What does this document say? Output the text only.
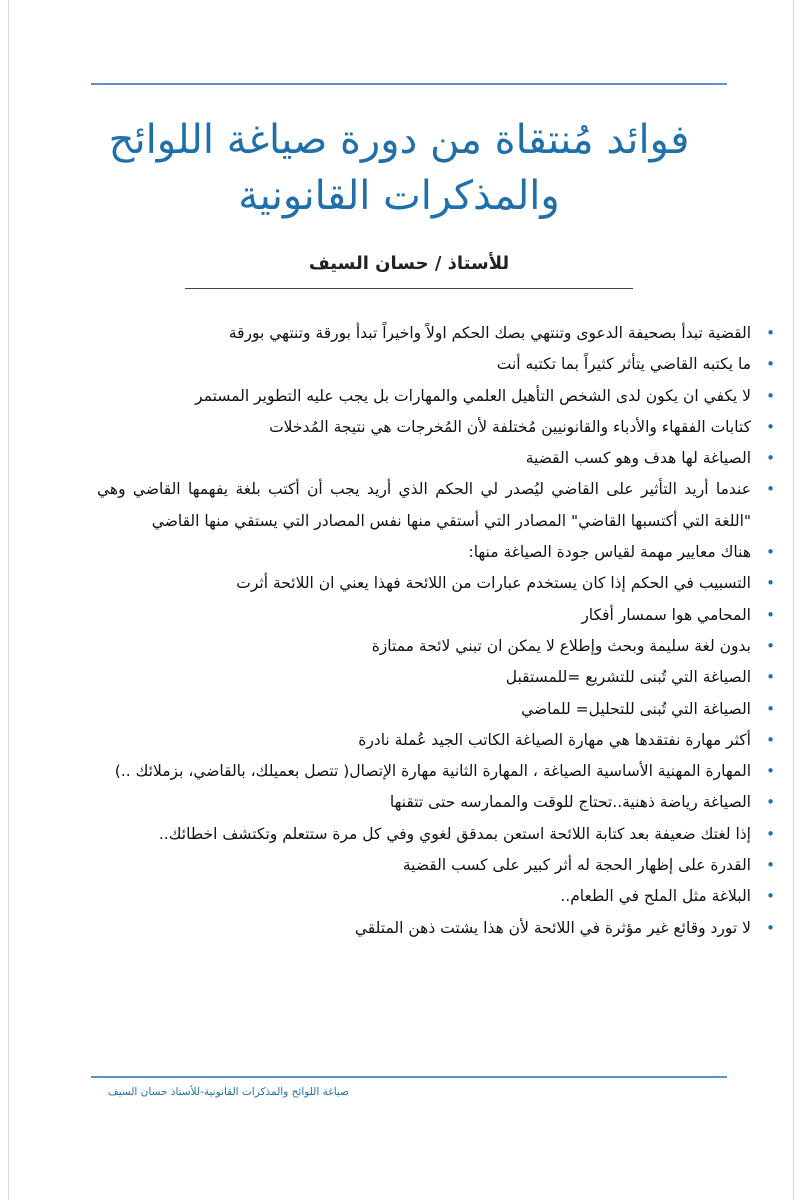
فوائد مُنتقاة من دورة صياغة اللوائح والمذكرات القانونية
للأستاذ / حسان السيف
•
القضية تبدأ بصحيفة الدعوى وتنتهي بصك الحكم اولاً واخيراً تبدأ بورقة وتنتهي بورقة
•
ما يكتبه القاضي يتأثر كثيراً بما تكتبه أنت
•
لا يكفي ان يكون لدى الشخص التأهيل العلمي والمهارات بل يجب عليه التطوير المستمر
•
كتابات الفقهاء والأدباء والقانونيين مُختلفة لأن المُخرجات هي نتيجة المُدخلات
•
الصياغة لها هدف وهو كسب القضية
•
عندما أريد التأثير على القاضي ليُصدر لي الحكم الذي أريد يجب أن أكتب بلغة يفهمها القاضي وهي "اللغة التي أكتسبها القاضي" المصادر التي أستقي منها نفس المصادر التي يستقي منها القاضي
•
هناك معايير مهمة لقياس جودة الصياغة منها:
•
التسبيب في الحكم إذا كان يستخدم عبارات من اللائحة فهذا يعني ان اللائحة أثرت
•
المحامي هوا سمسار أفكار
•
بدون لغة سليمة وبحث وإطلاع لا يمكن ان تبني لائحة ممتازة
•
الصياغة التي تُبنى للتشريع =للمستقبل
•
الصياغة التي تُبنى للتحليل= للماضي
•
أكثر مهارة نفتقدها هي مهارة الصياغة الكاتب الجيد عُملة نادرة
•
المهارة المهنية الأساسية الصياغة ، المهارة الثانية مهارة الإتصال( تتصل بعميلك، بالقاضي، بزملائك ..)
•
الصياغة رياضة ذهنية..تحتاج للوقت والممارسه حتى تتقنها
•
إذا لغتك ضعيفة بعد كتابة اللائحة استعن بمدقق لغوي وفي كل مرة ستتعلم وتكتشف اخطائك..
•
القدرة على إظهار الحجة له أثر كبير على كسب القضية
•
البلاغة مثل الملح في الطعام..
•
لا تورد وقائع غير مؤثرة في اللائحة لأن هذا يشتت ذهن المتلقي
صياغة اللوائح والمذكرات القانونية-للأستاذ حسان السيف
